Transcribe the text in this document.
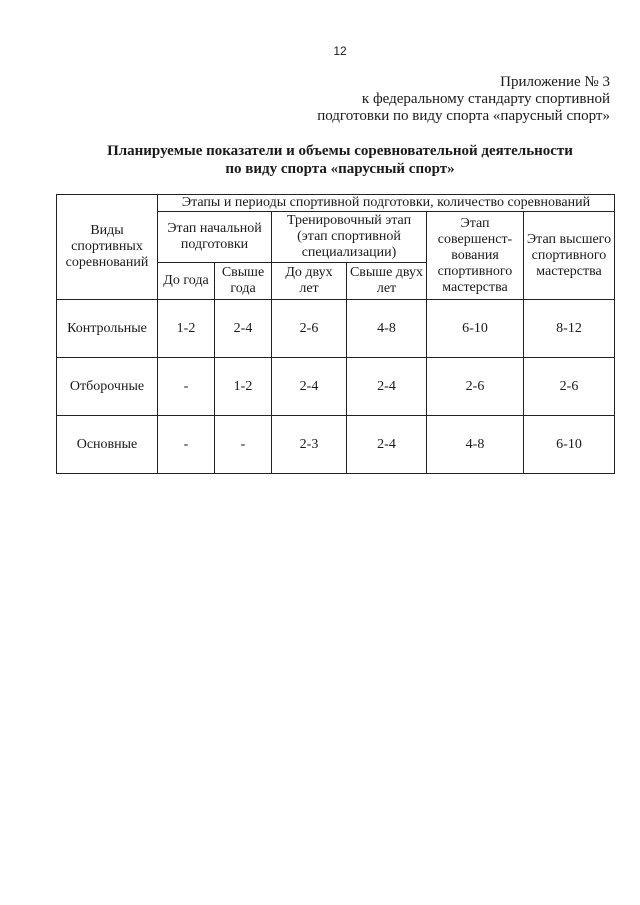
12
Приложение № 3
к федеральному стандарту спортивной
подготовки по виду спорта «парусный спорт»
Планируемые показатели и объемы соревновательной деятельности
по виду спорта «парусный спорт»
Виды спортивных соревнований	Этапы и периоды спортивной подготовки, количество соревнований					
	Этап начальной подготовки		Тренировочный этап (этап спортивной специализации)		Этап совершенст- вования спортивного мастерства	Этап высшего спортивного мастерства
	До года	Свыше года	До двух лет	Свыше двух лет		
Контрольные	1-2	2-4	2-6	4-8	6-10	8-12
Отборочные	-	1-2	2-4	2-4	2-6	2-6
Основные	-	-	2-3	2-4	4-8	6-10
